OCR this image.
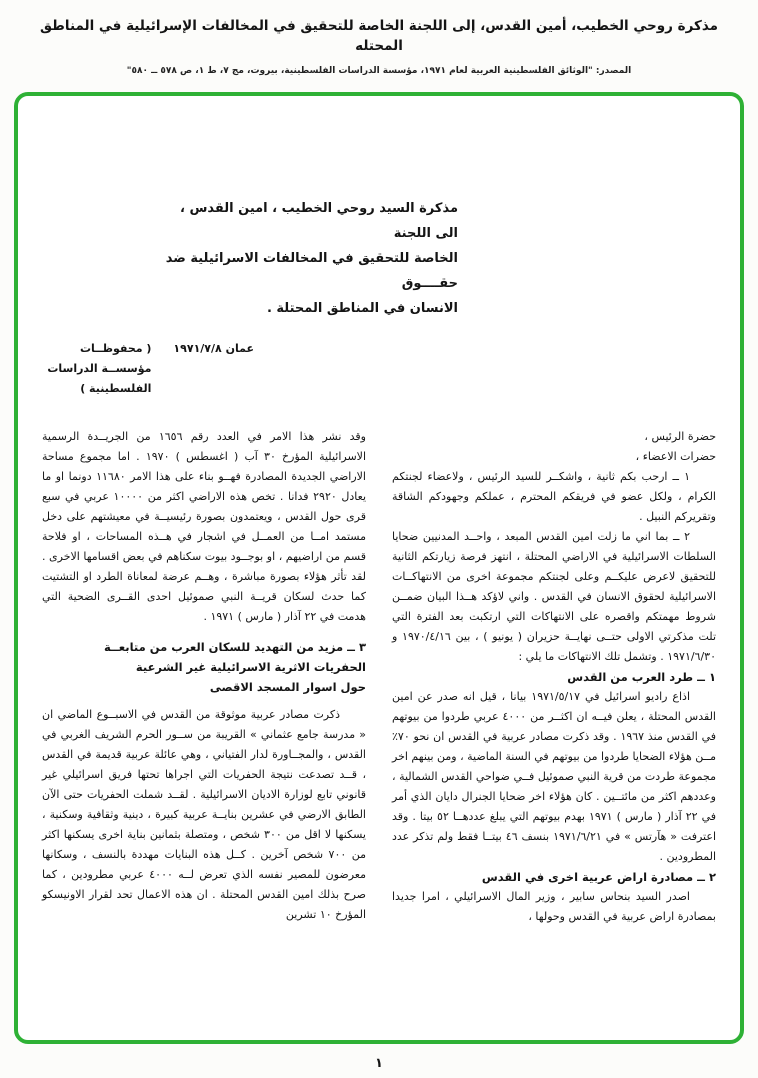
مذكرة روحي الخطيب، أمين القدس، إلى اللجنة الخاصة للتحقيق في المخالفات الإسرائيلية في المناطق المحتله
المصدر: "الوثائق الفلسطينية العربية لعام ١٩٧١، مؤسسة الدراسات الفلسطينية، بيروت، مج ٧، ط ١، ص ٥٧٨ ــ ٥٨٠"
مذكرة السيد روحي الخطيب ، امين القدس ، الى اللجنة
الخاصة للتحقيق في المخالفات الاسرائيلية ضد حقــــوق
الانسان في المناطق المحتلة .
عمان ١٩٧١/٧/٨
( محفوظــات مؤسســة الدراسات الفلسطينية )

حضرة الرئيس ،

حضرات الاعضاء ،

١ ــ ارحب بكم ثانية ، واشكــر للسيد الرئيس ، ولاعضاء لجنتكم الكرام ، ولكل عضو في فريقكم المحترم ، عملكم وجهودكم الشاقة وتقريركم النبيل .

٢ ــ بما اني ما زلت امين القدس المبعد ، واحــد المدنيين ضحايا السلطات الاسرائيلية في الاراضي المحتلة ، انتهز فرصة زيارتكم الثانية للتحقيق لاعرض عليكــم وعلى لجنتكم مجموعة اخرى من الانتهاكــات الاسرائيلية لحقوق الانسان في القدس . واني لاؤكد هــذا البيان ضمــن شروط مهمتكم واقصره على الانتهاكات التي ارتكبت بعد الفترة التي تلت مذكرتي الاولى حتــى نهايــة حزيران ( يونيو ) ، بين ١٩٧٠/٤/١٦ و ١٩٧١/٦/٣٠ . وتشمل تلك الانتهاكات ما يلي :

١ ــ طرد العرب من القدس

اذاع راديو اسرائيل في ١٩٧١/٥/١٧ بيانا ، قيل انه صدر عن امين القدس المحتلة ، يعلن فيــه ان اكثــر من ٤٠٠٠ عربي طردوا من بيوتهم في القدس منذ ١٩٦٧ . وقد ذكرت مصادر عربية في القدس ان نحو ٧٠٪ مــن هؤلاء الضحايا طردوا من بيوتهم في السنة الماضية ، ومن بينهم اخر مجموعة طردت من قرية النبي صموئيل فــي ضواحي القدس الشمالية ، وعددهم اكثر من مائتــين . كان هؤلاء اخر ضحايا الجنرال دايان الذي أمر في ٢٢ آذار ( مارس ) ١٩٧١ بهدم بيوتهم التي يبلغ عددهــا ٥٢ بيتا . وقد اعترفت « هآرتس » في ١٩٧١/٦/٢١ بنسف ٤٦ بيتــا فقط ولم تذكر عدد المطرودين .

٢ ــ مصادرة اراض عربية اخرى في القدس

اصدر السيد بنحاس سابير ، وزير المال الاسرائيلي ، امرا جديدا بمصادرة اراض عربية في القدس وحولها ،

وقد نشر هذا الامر في العدد رقم ١٦٥٦ من الجريــدة الرسمية الاسرائيلية المؤرخ ٣٠ آب ( اغسطس ) ١٩٧٠ . اما مجموع مساحة الاراضي الجديدة المصادرة فهــو بناء على هذا الامر ١١٦٨٠ دونما او ما يعادل ٢٩٢٠ فدانا . تخص هذه الاراضي اكثر من ١٠٠٠٠ عربي في سبع قرى حول القدس ، ويعتمدون بصورة رئيسيــة في معيشتهم على دخل مستمد امــا من العمــل في اشجار في هــذه المساحات ، او فلاحة قسم من اراضيهم ، او بوجــود بيوت سكناهم في بعض اقسامها الاخرى . لقد تأثر هؤلاء بصورة مباشرة ، وهــم عرضة لمعاناة الطرد او التشتيت كما حدث لسكان قريــة النبي صموئيل احدى القــرى الضحية التي هدمت في ٢٢ آذار ( مارس ) ١٩٧١ .

٣ ــ مزيد من التهديد للسكان العرب من متابعــة

الحفريات الاثرية الاسرائيلية غير الشرعية

حول اسوار المسجد الاقصى

ذكرت مصادر عربية موثوقة من القدس في الاسبــوع الماضي ان « مدرسة جامع عثماني » القريبة من ســور الحرم الشريف الغربي في القدس ، والمجــاورة لدار الفتياني ، وهي عائلة عربية قديمة في القدس ، قــد تصدعت نتيجة الحفريات التي اجراها تحتها فريق اسرائيلي غير قانوني تابع لوزارة الاديان الاسرائيلية . لقــد شملت الحفريات حتى الآن الطابق الارضي في عشرين بنايــة عربية كبيرة ، دينية وثقافية وسكنية ، يسكنها لا اقل من ٣٠٠ شخص ، ومتصلة بثمانين بناية اخرى يسكنها اكثر من ٧٠٠ شخص آخرين . كــل هذه البنايات مهددة بالنسف ، وسكانها معرضون للمصير نفسه الذي تعرض لــه ٤٠٠٠ عربي مطرودين ، كما صرح بذلك امين القدس المحتلة . ان هذه الاعمال تحد لقرار الاونيسكو المؤرخ ١٠ تشرين

١
